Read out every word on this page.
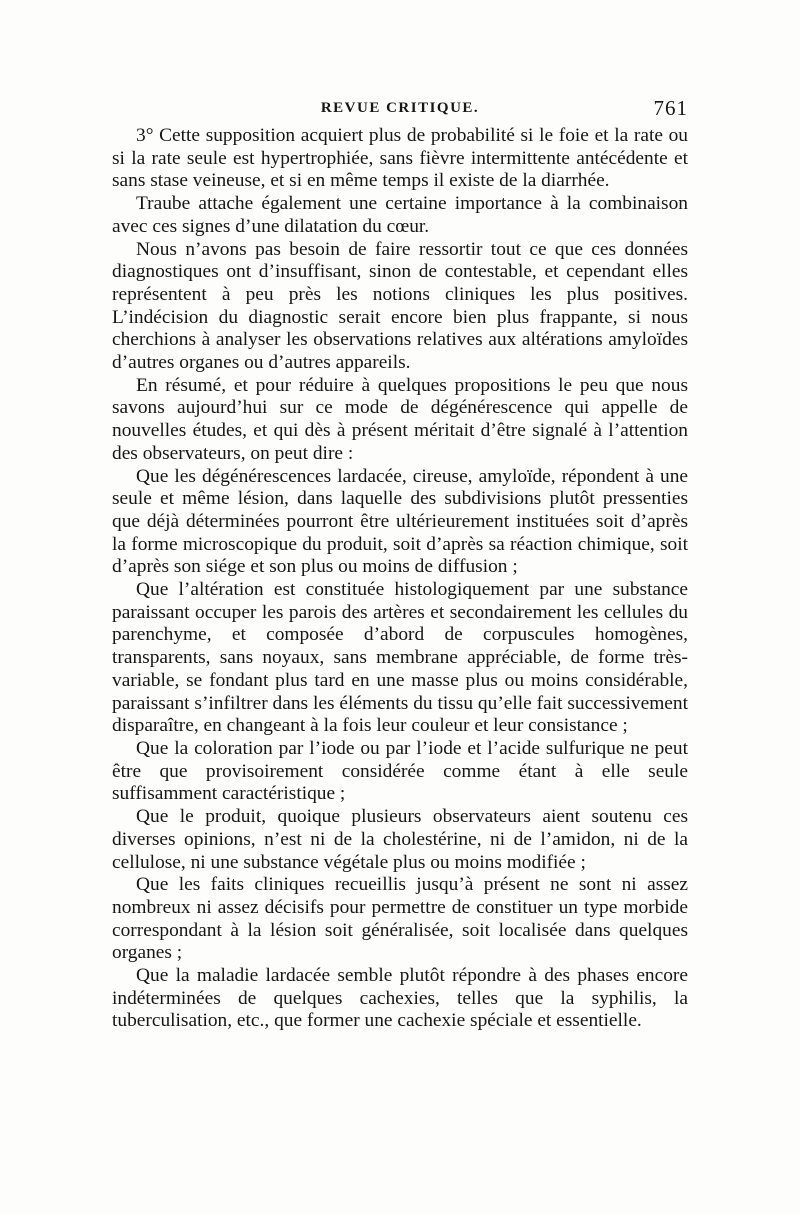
REVUE CRITIQUE.	761

3° Cette supposition acquiert plus de probabilité si le foie et la rate ou si la rate seule est hypertrophiée, sans fièvre intermittente antécédente et sans stase veineuse, et si en même temps il existe de la diarrhée.

Traube attache également une certaine importance à la combinaison avec ces signes d’une dilatation du cœur.

Nous n’avons pas besoin de faire ressortir tout ce que ces données diagnostiques ont d’insuffisant, sinon de contestable, et cependant elles représentent à peu près les notions cliniques les plus positives. L’indécision du diagnostic serait encore bien plus frappante, si nous cherchions à analyser les observations relatives aux altérations amyloïdes d’autres organes ou d’autres appareils.

En résumé, et pour réduire à quelques propositions le peu que nous savons aujourd’hui sur ce mode de dégénérescence qui appelle de nouvelles études, et qui dès à présent méritait d’être signalé à l’attention des observateurs, on peut dire :

Que les dégénérescences lardacée, cireuse, amyloïde, répondent à une seule et même lésion, dans laquelle des subdivisions plutôt pressenties que déjà déterminées pourront être ultérieurement instituées soit d’après la forme microscopique du produit, soit d’après sa réaction chimique, soit d’après son siége et son plus ou moins de diffusion ;

Que l’altération est constituée histologiquement par une substance paraissant occuper les parois des artères et secondairement les cellules du parenchyme, et composée d’abord de corpuscules homogènes, transparents, sans noyaux, sans membrane appréciable, de forme très-variable, se fondant plus tard en une masse plus ou moins considérable, paraissant s’infiltrer dans les éléments du tissu qu’elle fait successivement disparaître, en changeant à la fois leur couleur et leur consistance ;

Que la coloration par l’iode ou par l’iode et l’acide sulfurique ne peut être que provisoirement considérée comme étant à elle seule suffisamment caractéristique ;

Que le produit, quoique plusieurs observateurs aient soutenu ces diverses opinions, n’est ni de la cholestérine, ni de l’amidon, ni de la cellulose, ni une substance végétale plus ou moins modifiée ;

Que les faits cliniques recueillis jusqu’à présent ne sont ni assez nombreux ni assez décisifs pour permettre de constituer un type morbide correspondant à la lésion soit généralisée, soit localisée dans quelques organes ;

Que la maladie lardacée semble plutôt répondre à des phases encore indéterminées de quelques cachexies, telles que la syphilis, la tuberculisation, etc., que former une cachexie spéciale et essentielle.
